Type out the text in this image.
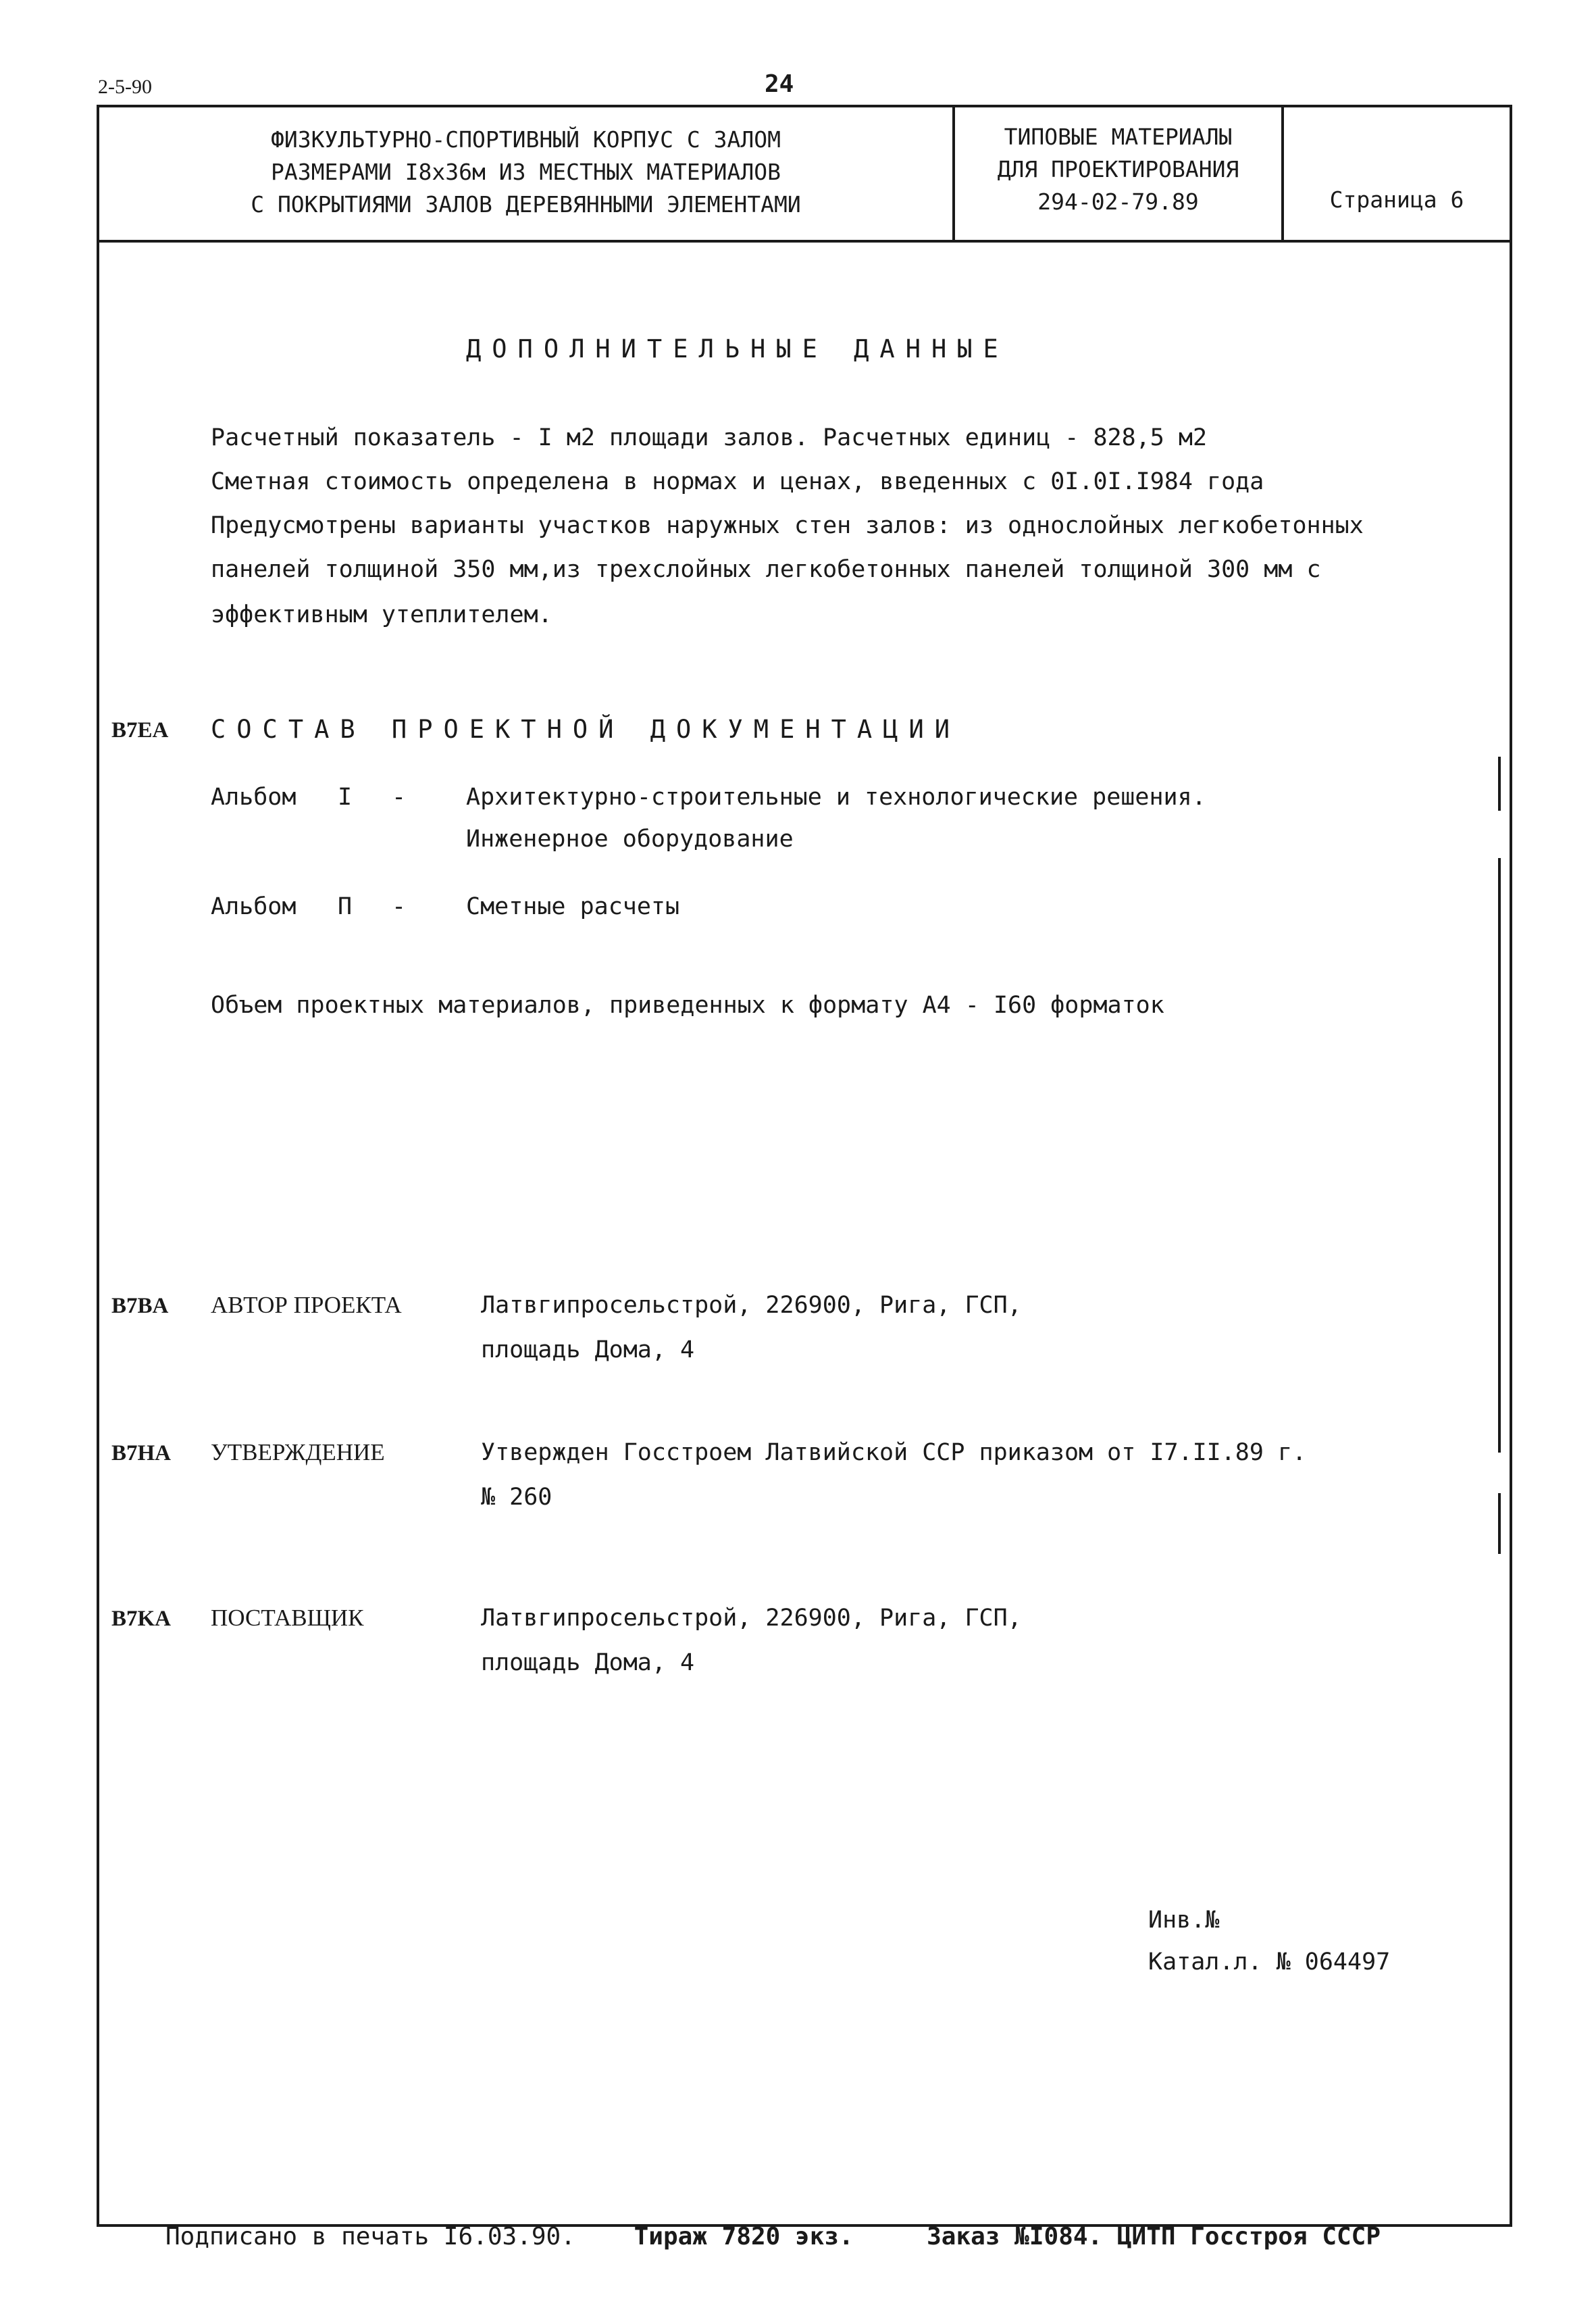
2-5-90	24
ФИЗКУЛЬТУРНО-СПОРТИВНЫЙ КОРПУС С ЗАЛОМ
РАЗМЕРАМИ I8x36м ИЗ МЕСТНЫХ МАТЕРИАЛОВ
С ПОКРЫТИЯМИ ЗАЛОВ ДЕРЕВЯННЫМИ ЭЛЕМЕНТАМИ
ТИПОВЫЕ МАТЕРИАЛЫ
ДЛЯ ПРОЕКТИРОВАНИЯ
294-02-79.89	Страница 6
ДОПОЛНИТЕЛЬНЫЕ ДАННЫЕ
Расчетный показатель - I м2 площади залов. Расчетных единиц - 828,5 м2
Сметная стоимость определена в нормах и ценах, введенных с 0I.0I.I984 года
Предусмотрены варианты участков наружных стен залов: из однослойных легкобетонных
панелей толщиной 350 мм,из трехслойных легкобетонных панелей толщиной 300 мм с
эффективным утеплителем.
B7EA СОСТАВ ПРОЕКТНОЙ ДОКУМЕНТАЦИИ
Альбом I -	Архитектурно-строительные и технологические решения.
Инженерное оборудование
Альбом П -	Сметные расчеты
Объем проектных материалов, приведенных к формату А4 - I60 форматок
B7BA АВТОР ПРОЕКТА	Латвгипросельстрой, 226900, Рига, ГСП,
площадь Дома, 4
B7HA УТВЕРЖДЕНИЕ	Утвержден Госстроем Латвийской ССР приказом от I7.II.89 г.
№ 260
B7KA ПОСТАВЩИК	Латвгипросельстрой, 226900, Рига, ГСП,
площадь Дома, 4
Инв.№
Катал.л. № 064497
Подписано в печать I6.03.90. Тираж 7820 экз.	Заказ №I084. ЦИТП Госстроя СССР
